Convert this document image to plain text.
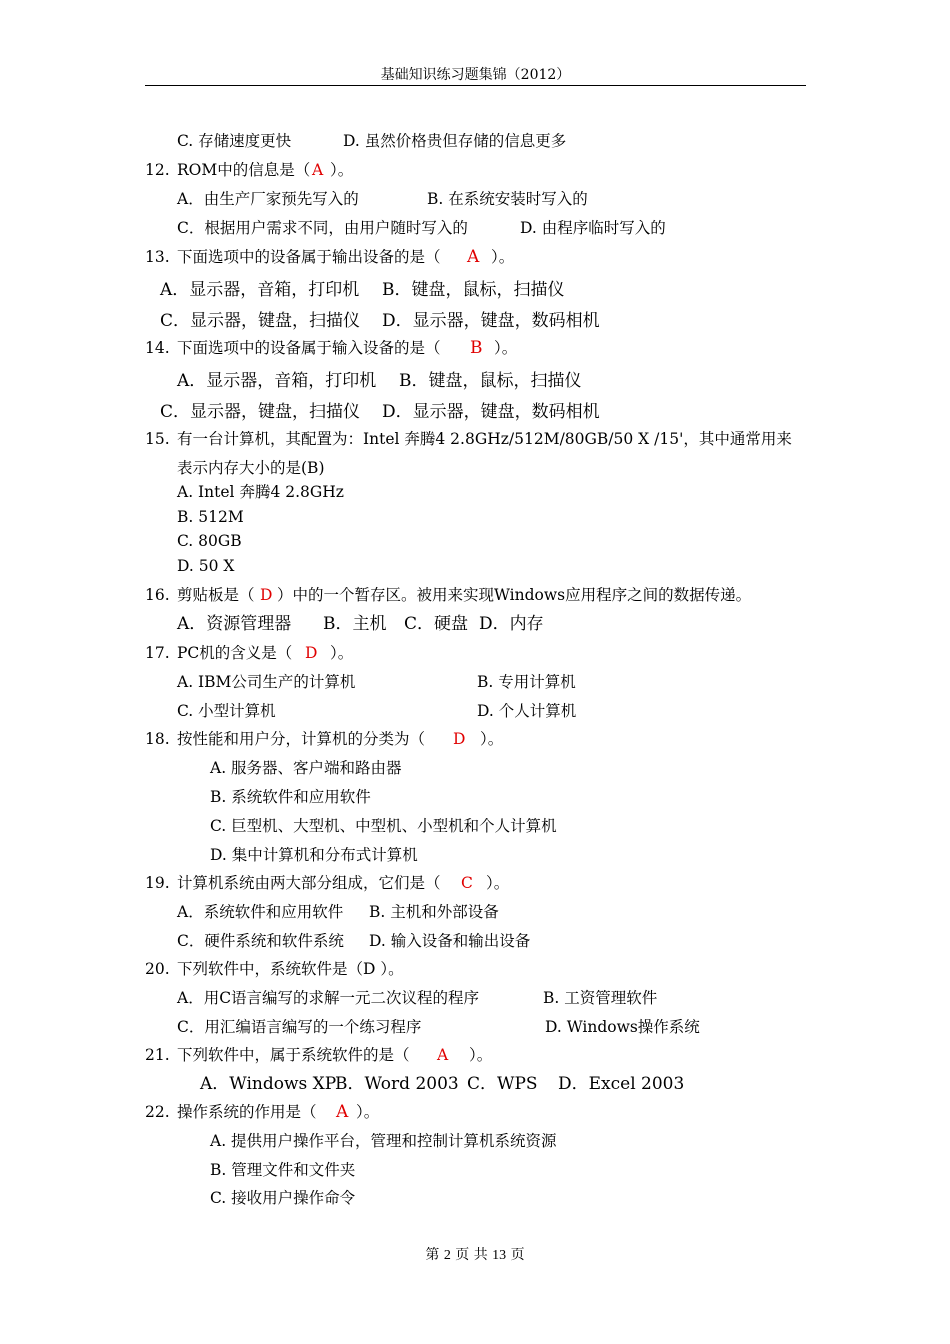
基础知识练习题集锦（2012）
C. 存储速度更快	D. 虽然价格贵但存储的信息更多
12. ROM中的信息是（ A ）。
A．由生产厂家预先写入的	B. 在系统安装时写入的
C．根据用户需求不同，由用户随时写入的	D. 由程序临时写入的
13. 下面选项中的设备属于输出设备的是（ A ）。
A．显示器，音箱，打印机 B．键盘，鼠标，扫描仪
C．显示器，键盘，扫描仪 D．显示器，键盘，数码相机
14. 下面选项中的设备属于输入设备的是（ B ）。
A．显示器，音箱，打印机 B．键盘，鼠标，扫描仪
C．显示器，键盘，扫描仪 D．显示器，键盘，数码相机
15. 有一台计算机，其配置为：Intel 奔腾4 2.8GHz/512M/80GB/50 X /15'，其中通常用来
表示内存大小的是(B)
A. Intel 奔腾4 2.8GHz
B. 512M
C. 80GB
D. 50 X
16. 剪贴板是（ D ）中的一个暂存区。被用来实现Windows应用程序之间的数据传递。
A．资源管理器 B．主机 C．硬盘 D．内存
17. PC机的含义是（ D ）。
A. IBM公司生产的计算机	B. 专用计算机
C. 小型计算机	D. 个人计算机
18. 按性能和用户分，计算机的分类为（ D ）。
A. 服务器、客户端和路由器
B. 系统软件和应用软件
C. 巨型机、大型机、中型机、小型机和个人计算机
D. 集中计算机和分布式计算机
19. 计算机系统由两大部分组成，它们是（ C ）。
A．系统软件和应用软件 B. 主机和外部设备
C．硬件系统和软件系统 D. 输入设备和输出设备
20. 下列软件中，系统软件是（D ）。
A．用C语言编写的求解一元二次议程的程序	B. 工资管理软件
C．用汇编语言编写的一个练习程序	D. Windows操作系统
21. 下列软件中，属于系统软件的是（ A ）。
A．Windows XP
B．Word 2003 C．WPS D．Excel 2003
22. 操作系统的作用是（ A ）。
A. 提供用户操作平台，管理和控制计算机系统资源
B. 管理文件和文件夹
C. 接收用户操作命令
第 2 页 共 13 页
